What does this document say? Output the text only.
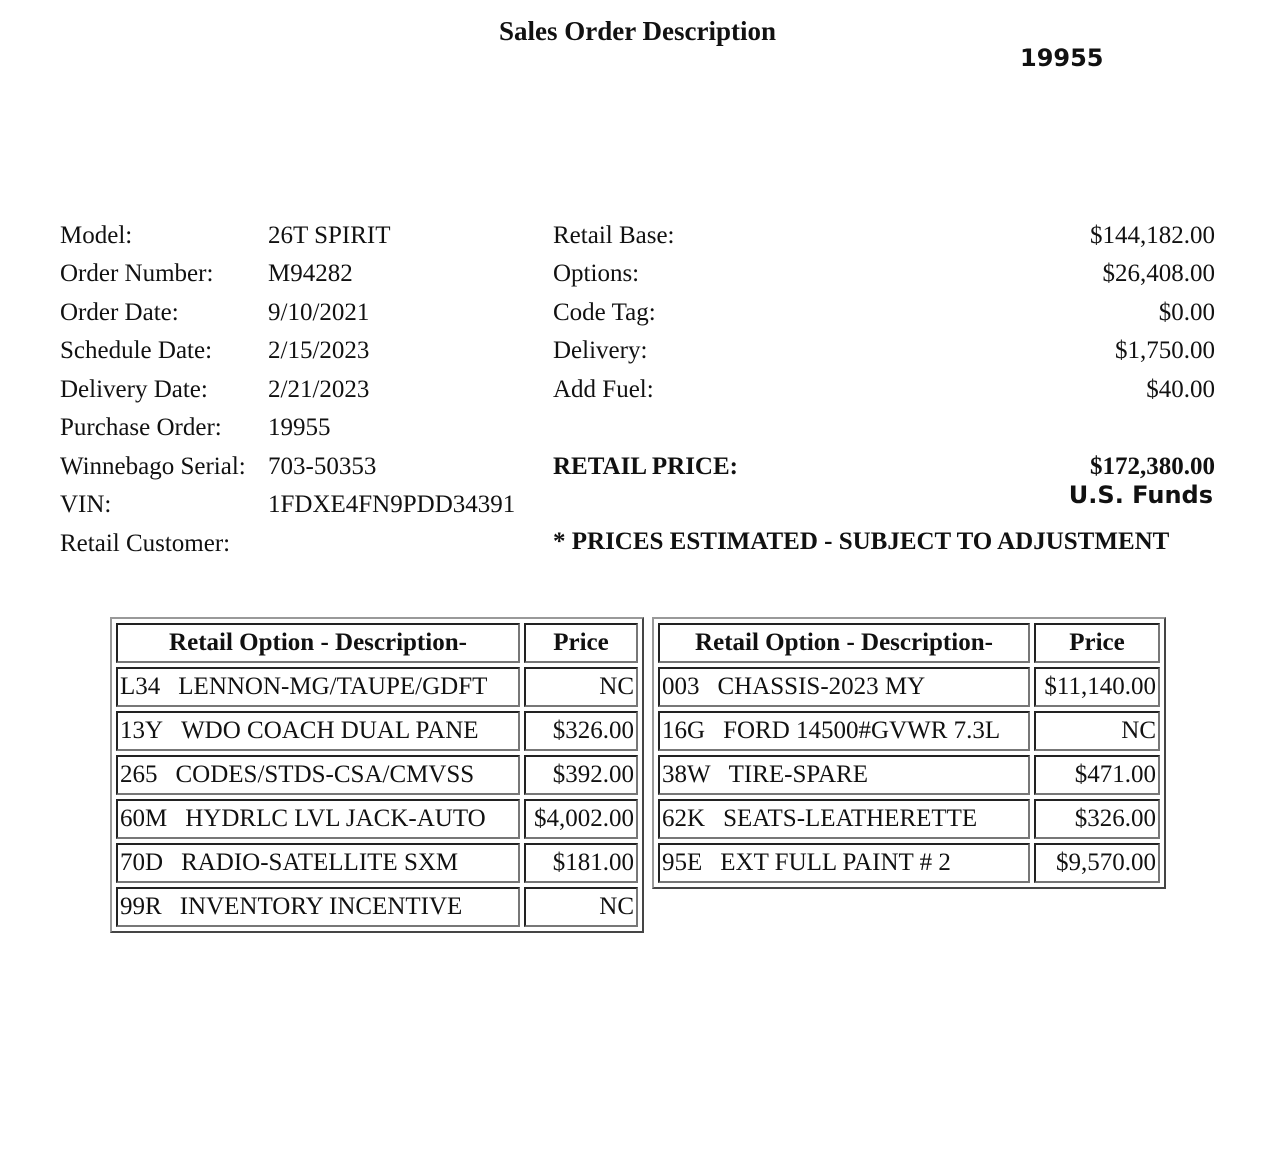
Sales Order Description
19955
Model:	26T SPIRIT
Order Number: M94282
Order Date:	9/10/2021
Schedule Date: 2/15/2023
Delivery Date: 2/21/2023
Purchase Order: 19955
Winnebago Serial: 703-50353
VIN:	1FDXE4FN9PDD34391
Retail Customer:
Retail Base:	$144,182.00
Options:	$26,408.00
Code Tag:	$0.00
Delivery:	$1,750.00
Add Fuel:	$40.00
RETAIL PRICE:	$172,380.00
U.S. Funds
* PRICES ESTIMATED - SUBJECT TO ADJUSTMENT
Retail Option - Description-	Price
L34 LENNON-MG/TAUPE/GDFT	NC
13Y WDO COACH DUAL PANE	$326.00
265 CODES/STDS-CSA/CMVSS	$392.00
60M HYDRLC LVL JACK-AUTO	$4,002.00
70D RADIO-SATELLITE SXM	$181.00
99R INVENTORY INCENTIVE	NC
Retail Option - Description-	Price
003 CHASSIS-2023 MY	$11,140.00
16G FORD 14500#GVWR 7.3L	NC
38W TIRE-SPARE	$471.00
62K SEATS-LEATHERETTE	$326.00
95E EXT FULL PAINT # 2	$9,570.00
